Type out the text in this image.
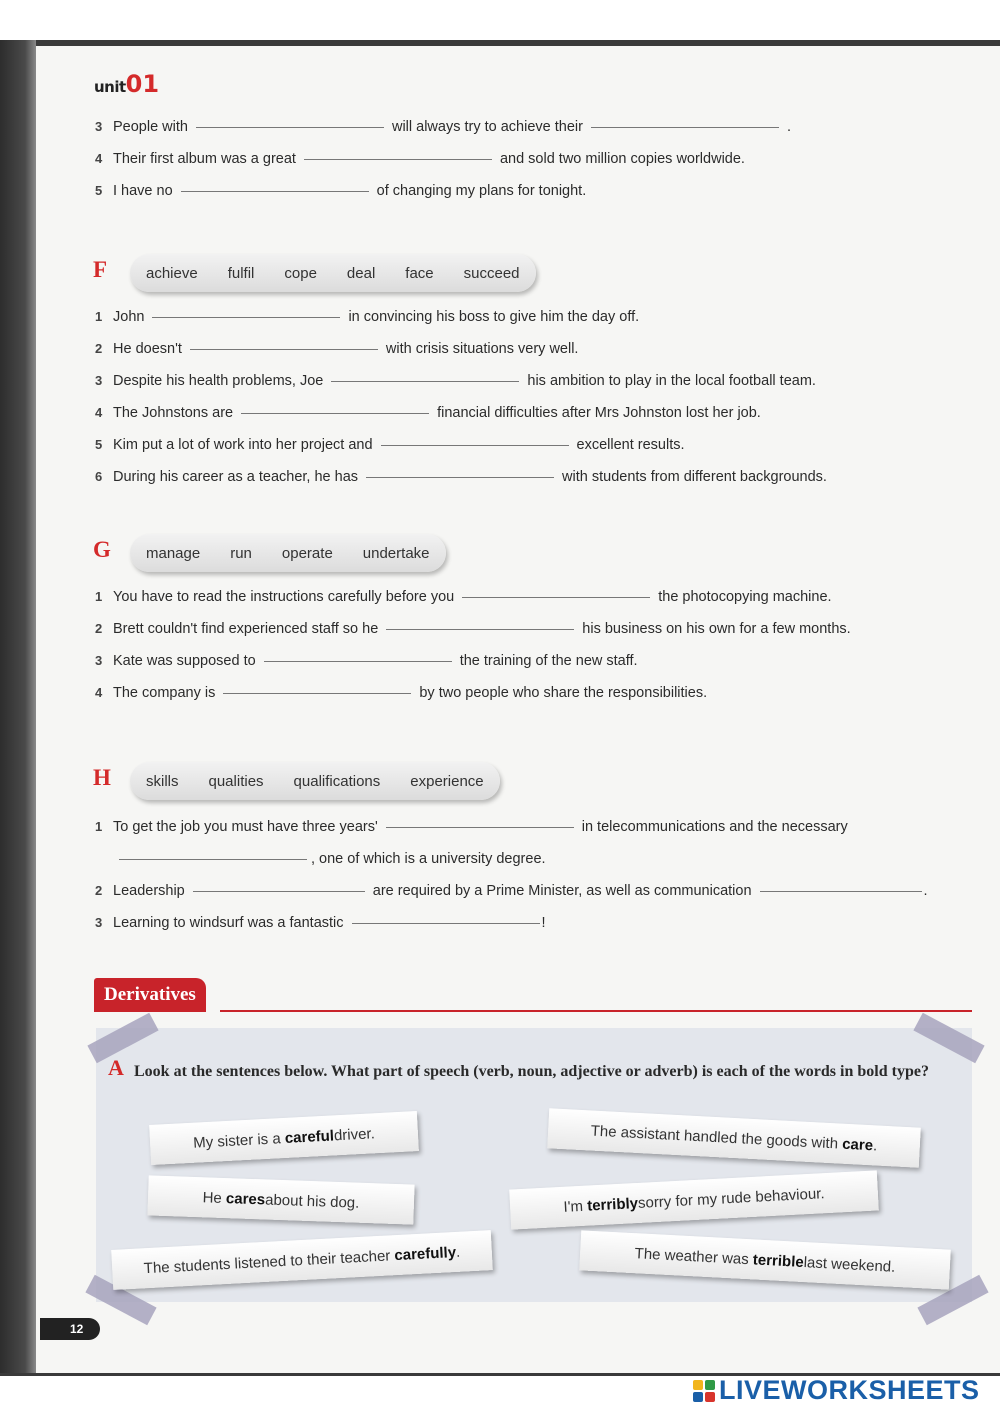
unit01
3 People with	will always try to achieve their	.
4 Their first album was a great	and sold two million copies worldwide.
5 I have no	of changing my plans for tonight.
F	achieve fulfil cope deal face succeed
1 John	in convincing his boss to give him the day off.
2 He doesn't	with crisis situations very well.
3 Despite his health problems, Joe	his ambition to play in the local football team.
4 The Johnstons are	financial difficulties after Mrs Johnston lost her job.
5 Kim put a lot of work into her project and	excellent results.
6 During his career as a teacher, he has	with students from different backgrounds.
G manage run operate undertake
1 You have to read the instructions carefully before you	the photocopying machine.
2 Brett couldn't find experienced staff so he	his business on his own for a few months.
3 Kate was supposed to	the training of the new staff.
4 The company is	by two people who share the responsibilities.
H skills qualities qualifications experience
1 To get the job you must have three years'	in telecommunications and the necessary
, one of which is a university degree.
2 Leadership	are required by a Prime Minister, as well as communication	.
3 Learning to windsurf was a fantastic	!
Derivatives
A Look at the sentences below. What part of speech (verb, noun, adjective or adverb) is each of the words in bold type?
My sister is a
careful driver.	The assistant handled the goods with
care .
He
cares about his dog.	I'm
terribly sorry for my rude behaviour.
The students listened to their teacher
carefully .	The weather was
terrible last weekend.
12
LIVEWORKSHEETS
